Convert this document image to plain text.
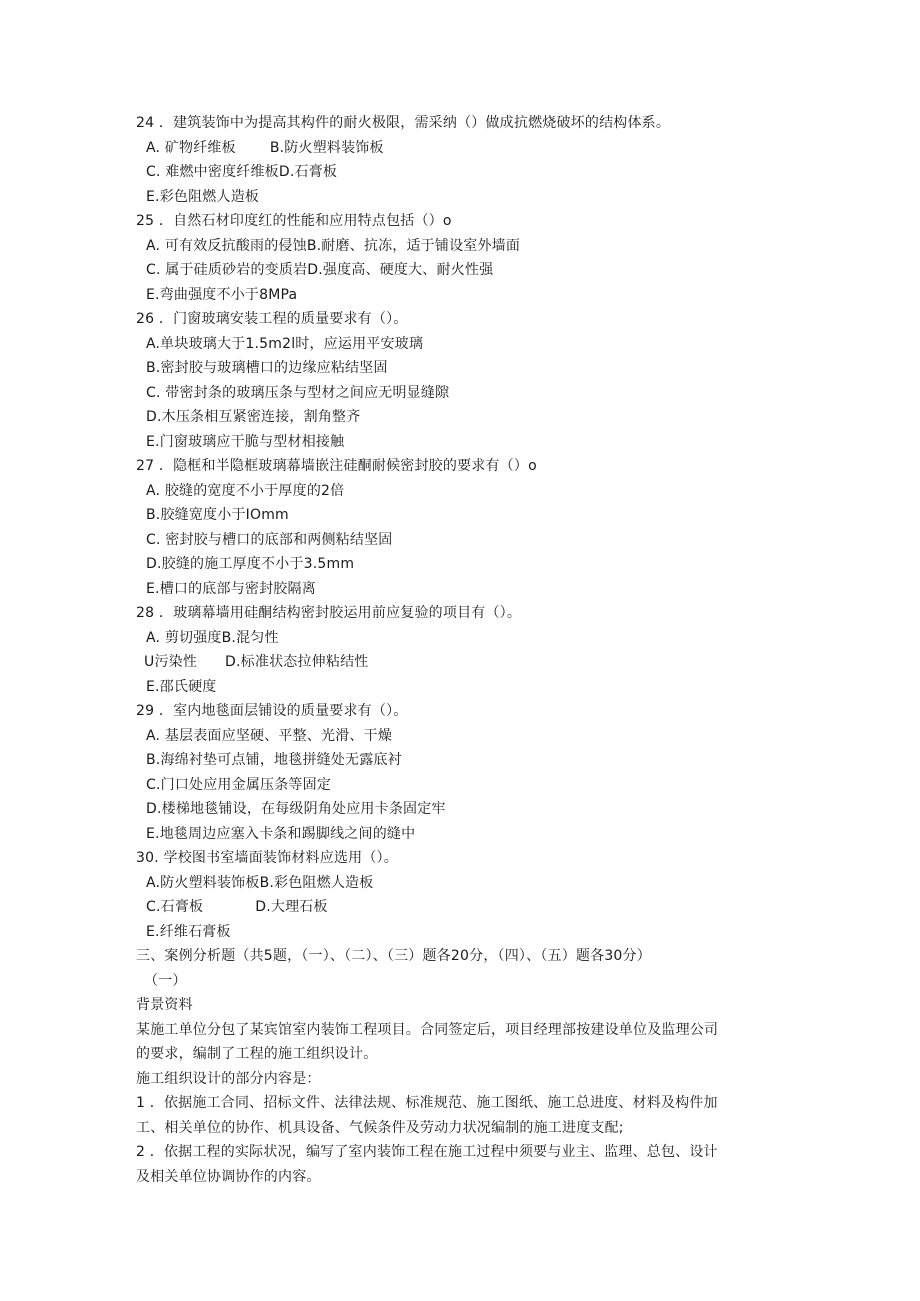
24 ．建筑装饰中为提高其构件的耐火极限，需采纳（）做成抗燃烧破坏的结构体系。
A. 矿物纤维板 B.防火塑料装饰板
C. 难燃中密度纤维板D.石膏板
E.彩色阻燃人造板
25 ．自然石材印度红的性能和应用特点包括（）o
A. 可有效反抗酸雨的侵蚀B.耐磨、抗冻，适于铺设室外墙面
C. 属于硅质砂岩的变质岩D.强度高、硬度大、耐火性强
E.弯曲强度不小于8MPa
26 ．门窗玻璃安装工程的质量要求有（）。
A.单块玻璃大于1.5m2l时，应运用平安玻璃
B.密封胶与玻璃槽口的边缘应粘结坚固
C. 带密封条的玻璃压条与型材之间应无明显缝隙
D.木压条相互紧密连接，割角整齐
E.门窗玻璃应干脆与型材相接触
27 ．隐框和半隐框玻璃幕墙嵌注硅酮耐候密封胶的要求有（）o
A. 胶缝的宽度不小于厚度的2倍
B.胶缝宽度小于IOmm
C. 密封胶与槽口的底部和两侧粘结坚固
D.胶缝的施工厚度不小于3.5mm
E.槽口的底部与密封胶隔离
28 ．玻璃幕墙用硅酮结构密封胶运用前应复验的项目有（）。
A. 剪切强度B.混匀性
U污染性 D.标准状态拉伸粘结性
E.邵氏硬度
29 ．室内地毯面层铺设的质量要求有（）。
A. 基层表面应坚硬、平整、光滑、干燥
B.海绵衬垫可点铺，地毯拼缝处无露底衬
C.门口处应用金属压条等固定
D.楼梯地毯铺设，在每级阴角处应用卡条固定牢
E.地毯周边应塞入卡条和踢脚线之间的缝中
30. 学校图书室墙面装饰材料应选用（）。
A.防火塑料装饰板B.彩色阻燃人造板
C.石膏板	D.大理石板
E.纤维石膏板
三、案例分析题（共5题，（一）、（二）、（三）题各20分，（四）、（五）题各30分）
（一）
背景资料
某施工单位分包了某宾馆室内装饰工程项目。合同签定后，项目经理部按建设单位及监理公司
的要求，编制了工程的施工组织设计。
施工组织设计的部分内容是：
1 ．依据施工合同、招标文件、法律法规、标准规范、施工图纸、施工总进度、材料及构件加
工、相关单位的协作、机具设备、气候条件及劳动力状况编制的施工进度支配;
2 ．依据工程的实际状况，编写了室内装饰工程在施工过程中须要与业主、监理、总包、设计
及相关单位协调协作的内容。
